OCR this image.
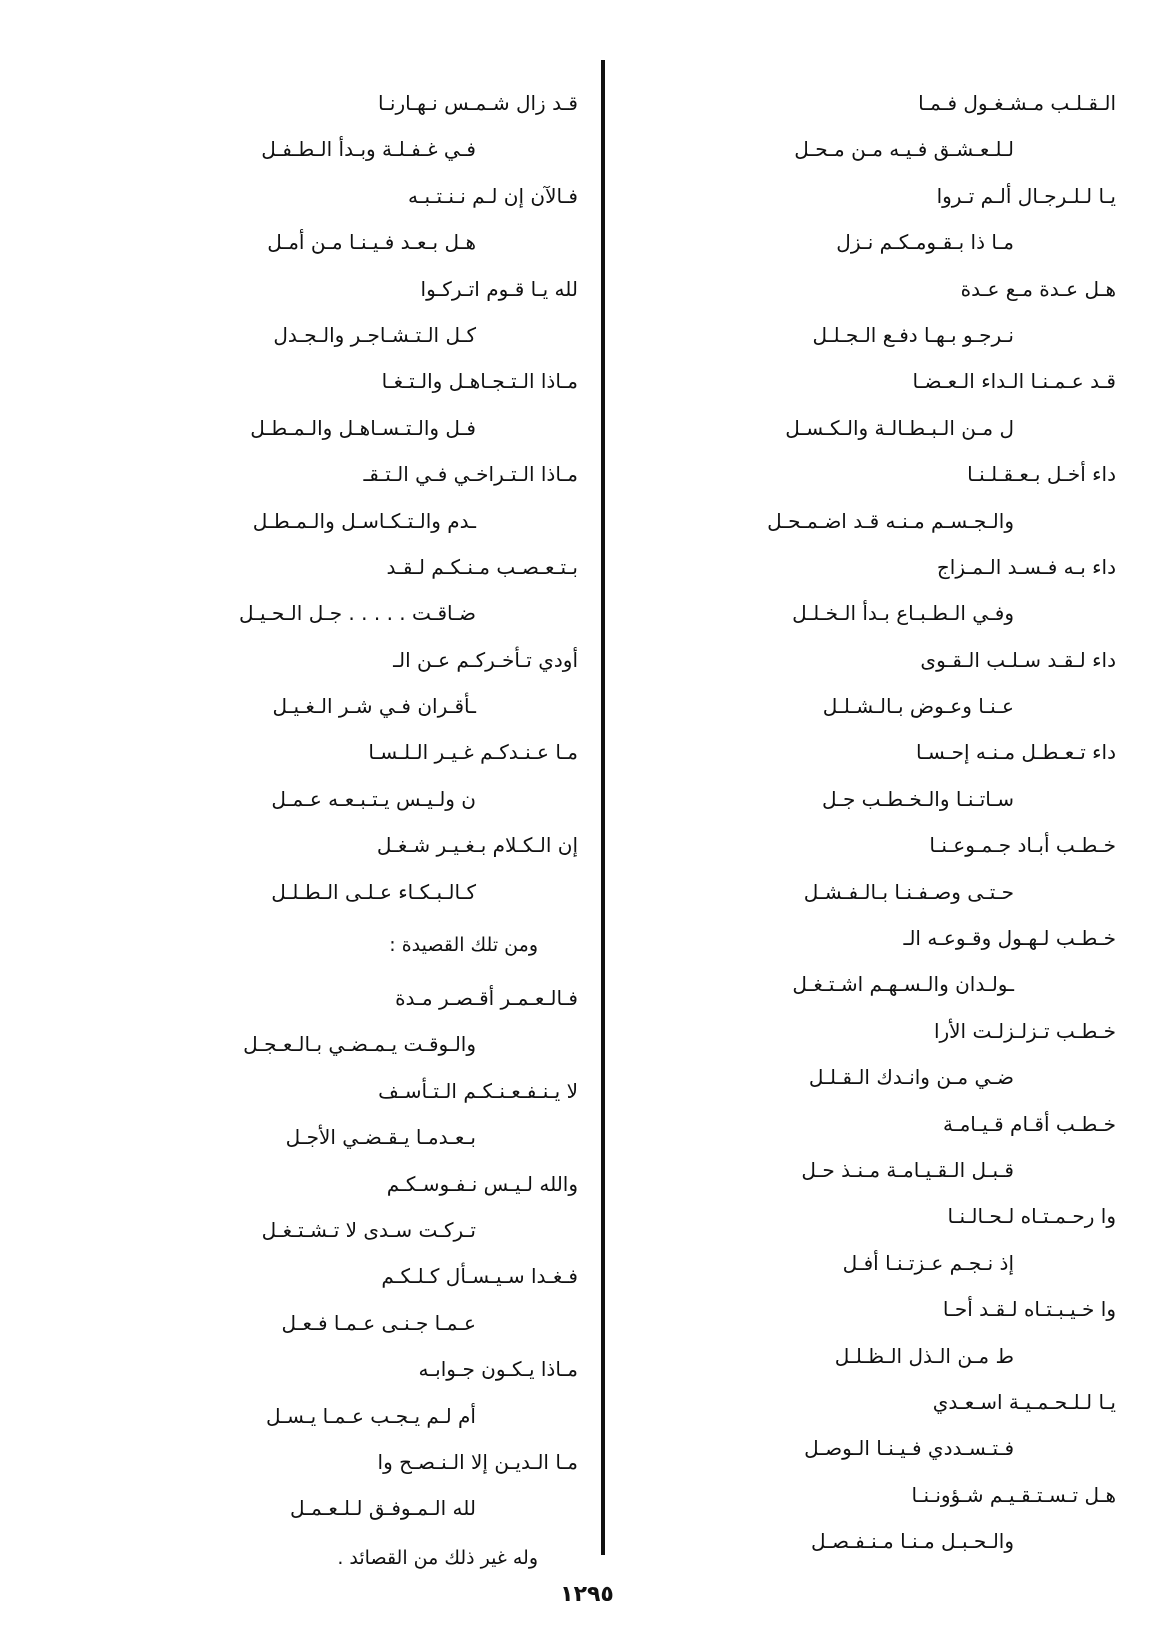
الـقـلـب مـشـغـول فـمـا
لـلـعـشـق فـيـه مـن مـحـل
يـا لـلـرجـال ألـم تـروا
مـا ذا بـقـومـكـم نـزل
هـل عـدة مـع عـدة
نـرجـو بـهـا دفـع الـجـلـل
قـد عـمـنـا الـداء الـعـضـا
ل مـن الـبـطـالـة والـكـسـل
داء أخـل بـعـقـلـنـا
والـجـسـم مـنـه قـد اضـمـحـل
داء بـه فـسـد الـمـزاج
وفـي الـطـبـاع بـدأ الـخـلـل
داء لـقـد سـلـب الـقـوى
عـنـا وعـوض بـالـشـلـل
داء تـعـطـل مـنـه إحـسـا
سـاتـنـا والـخـطـب جـل
خـطـب أبـاد جـمـوعـنـا
حـتـى وصـفـنـا بـالـفـشـل
خـطـب لـهـول وقـوعـه الـ
ـولـدان والـسـهـم اشـتـغـل
خـطـب تـزلـزلـت الأرا
ضـي مـن وانـدك الـقـلـل
خـطـب أقـام قـيـامـة
قـبـل الـقـيـامـة مـنـذ حـل
وا رحـمـتـاه لـحـالـنـا
إذ نـجـم عـزتـنـا أفـل
وا خـيـبـتـاه لـقـد أحـا
ط مـن الـذل الـظـلـل
يـا لـلـحـمـيـة اسـعـدي
فـتـسـددي فـيـنـا الـوصـل
هـل تـسـتـقـيـم شـؤونـنـا
والـحـبـل مـنـا مـنـفـصـل
قـد زال شـمـس نـهـارنـا
فـي غـفـلـة وبـدأ الـطـفـل
فـالآن إن لـم نـنـتـبـه
هـل بـعـد فـيـنـا مـن أمـل
لله يـا قـوم اتـركـوا
كـل الـتـشـاجـر والـجـدل
مـاذا الـتـجـاهـل والـتـغـا
فـل والـتـسـاهـل والـمـطـل
مـاذا الـتـراخـي فـي الـتـقـ
ـدم والـتـكـاسـل والـمـطـل
بـتـعـصـب مـنـكـم لـقـد
ضـاقـت . . . . . جـل الـحـيـل
أودي تـأخـركـم عـن الـ
ـأقـران فـي شـر الـغـيـل
مـا عـنـدكـم غـيـر الـلـسـا
ن ولـيـس يـتـبـعـه عـمـل
إن الـكـلام بـغـيـر شـغـل
كـالـبـكـاء عـلـى الـطـلـل
ومن تلك القصيدة :
فـالـعـمـر أقـصـر مـدة
والـوقـت يـمـضـي بـالـعـجـل
لا يـنـفـعـنـكـم الـتـأسـف
بـعـدمـا يـقـضـي الأجـل
والله لـيـس نـفـوسـكـم
تـركـت سـدى لا تـشـتـغـل
فـغـدا سـيـسـأل كـلـكـم
عـمـا جـنـى عـمـا فـعـل
مـاذا يـكـون جـوابـه
أم لـم يـجـب عـمـا يـسـل
مـا الـديـن إلا الـنـصـح وا
لله الـمـوفـق لـلـعـمـل
وله غير ذلك من القصائد .
١٢٩٥
